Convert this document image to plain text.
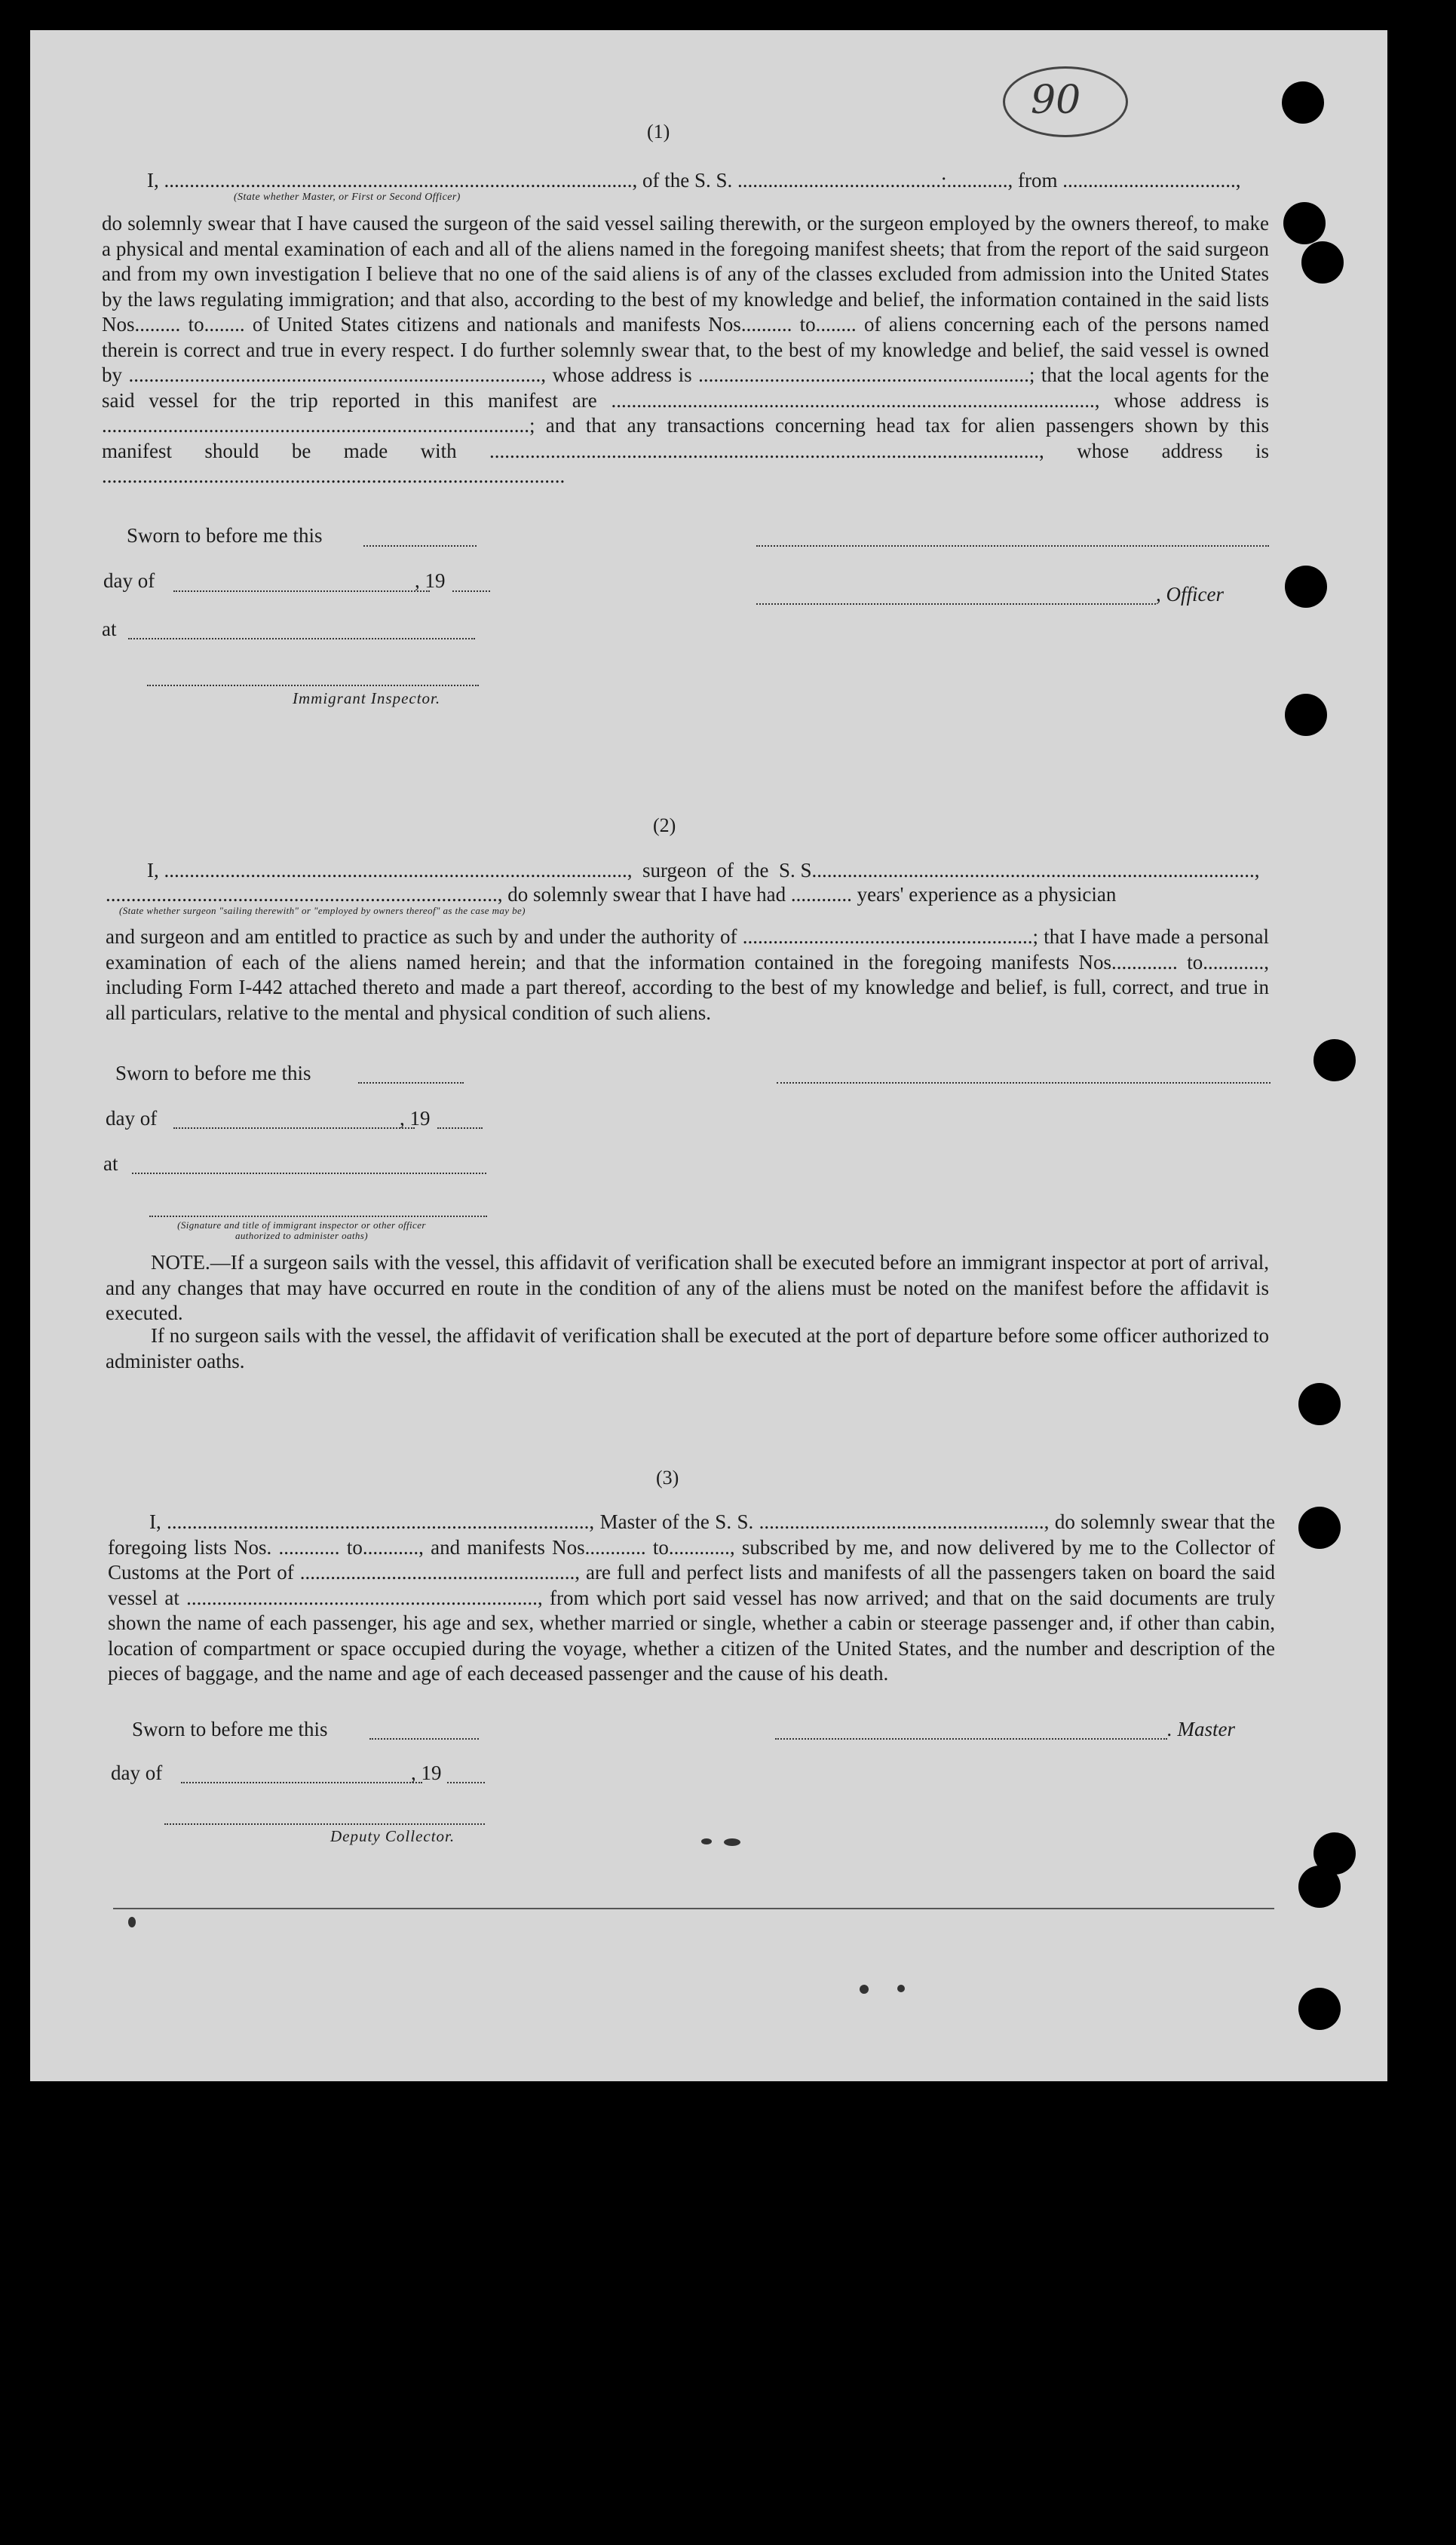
90
(1)
I, ............................................................................................, of the S. S. ........................................:............, from ..................................,
(State whether Master, or First or Second Officer)
do solemnly swear that I have caused the surgeon of the said vessel sailing therewith, or the surgeon employed by the owners thereof, to make a physical and mental examination of each and all of the aliens named in the foregoing manifest sheets; that from the report of the said surgeon and from my own investigation I believe that no one of the said aliens is of any of the classes excluded from admission into the United States by the laws regulating immigration; and that also, according to the best of my knowledge and belief, the information contained in the said lists Nos......... to........ of United States citizens and nationals and manifests Nos.......... to........ of aliens concerning each of the persons named therein is correct and true in every respect. I do further solemnly swear that, to the best of my knowledge and belief, the said vessel is owned by ................................................................................., whose address is .................................................................; that the local agents for the said vessel for the trip reported in this manifest are ..............................................................................................., whose address is ....................................................................................; and that any transactions concerning head tax for alien passengers shown by this manifest should be made with ............................................................................................................, whose address is ...........................................................................................
Sworn to before me this
day of	, 19
, Officer
at
Immigrant Inspector.
(2)
I, ...........................................................................................,  surgeon  of  the  S. S.......................................................................................,
............................................................................., do solemnly swear that I have had ............ years' experience as a physician
(State whether surgeon "sailing therewith" or "employed by owners thereof" as the case may be)
and surgeon and am entitled to practice as such by and under the authority of .........................................................; that I have made a personal examination of each of the aliens named herein; and that the information contained in the foregoing manifests Nos............. to............, including Form I-442 attached thereto and made a part thereof, according to the best of my knowledge and belief, is full, correct, and true in all particulars, relative to the mental and physical condition of such aliens.
Sworn to before me this
day of	, 19
at
(Signature and title of immigrant inspector or other officer authorized to administer oaths)
NOTE.—If a surgeon sails with the vessel, this affidavit of verification shall be executed before an immigrant inspector at port of arrival, and any changes that may have occurred en route in the condition of any of the aliens must be noted on the manifest before the affidavit is executed.
If no surgeon sails with the vessel, the affidavit of verification shall be executed at the port of departure before some officer authorized to administer oaths.
(3)
I, ..................................................................................., Master of the S. S. ........................................................, do solemnly swear that the foregoing lists Nos. ............ to..........., and manifests Nos............ to............, subscribed by me, and now delivered by me to the Collector of Customs at the Port of ......................................................, are full and perfect lists and manifests of all the passengers taken on board the said vessel at ....................................................................., from which port said vessel has now arrived; and that on the said documents are truly shown the name of each passenger, his age and sex, whether married or single, whether a cabin or steerage passenger and, if other than cabin, location of compartment or space occupied during the voyage, whether a citizen of the United States, and the number and description of the pieces of baggage, and the name and age of each deceased passenger and the cause of his death.
Sworn to before me this	. Master
day of	, 19
Deputy Collector.
